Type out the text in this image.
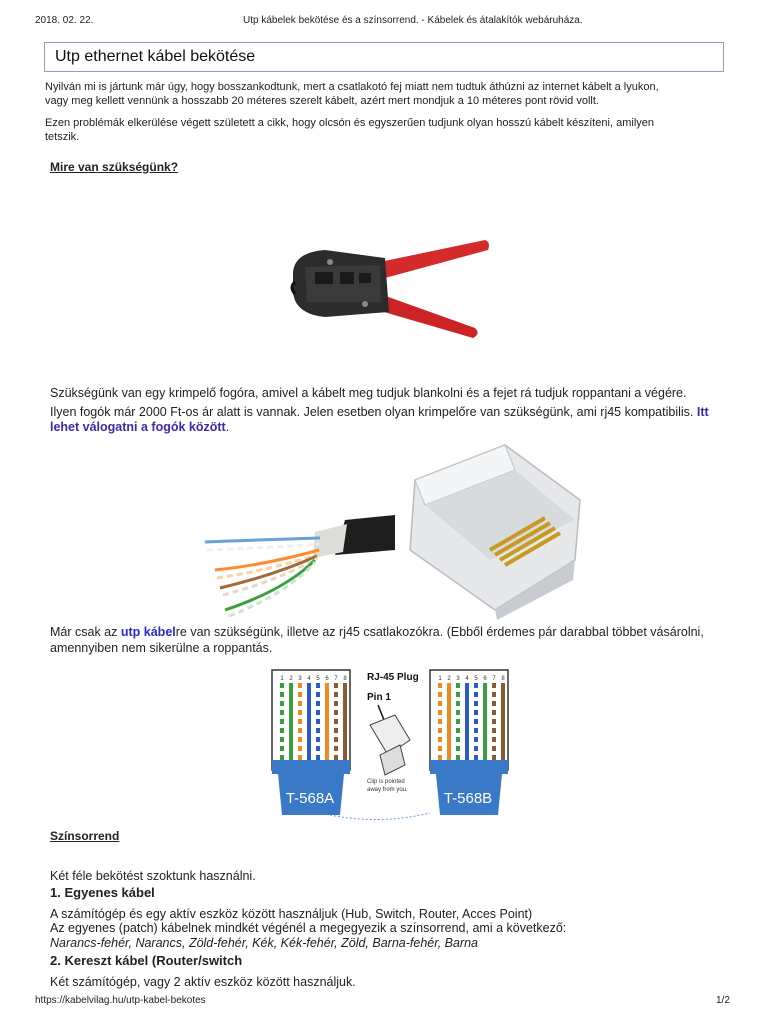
2018. 02. 22.	Utp kábelek bekötése és a színsorrend. - Kábelek és átalakítók webáruháza.
Utp ethernet kábel bekötése
Nyilván mi is jártunk már úgy, hogy bosszankodtunk, mert a csatlakotó fej miatt nem tudtuk áthúzni az internet kábelt a lyukon,
vagy meg kellett vennünk a hosszabb 20 méteres szerelt kábelt, azért mert mondjuk a 10 méteres pont rövid vollt.
Ezen problémák elkerülése végett született a cikk, hogy olcsón és egyszerűen tudjunk olyan hosszú kábelt készíteni, amilyen
tetszik.
Mire van szükségünk?
Szükségünk van egy krimpelő fogóra, amivel a kábelt meg tudjuk blankolni és a fejet rá tudjuk roppantani a végére.
Ilyen fogók már 2000 Ft-os ár alatt is vannak. Jelen esetben olyan krimpelőre van szükségünk, ami rj45 kompatibilis. Itt
lehet válogatni a fogók között.
Már csak az utp kábelre van szükségünk, illetve az rj45 csatlakozókra. (Ebből érdemes pár darabbal többet vásárolni,
amennyiben nem sikerülne a roppantás.
T-568A
RJ-45 Plug
Pin 1
Clip is pointed
away from you.
1 2 3 4 5 6 7 8
T-568B
1 2 3 4 5 6 7 8
Színsorrend
Két féle bekötést szoktunk használni.
1. Egyenes kábel
A számítógép és egy aktív eszköz között használjuk (Hub, Switch, Router, Acces Point)
Az egyenes (patch) kábelnek mindkét végénél a megegyezik a színsorrend, ami a következő:
Narancs-fehér, Narancs, Zöld-fehér, Kék, Kék-fehér, Zöld, Barna-fehér, Barna
2. Kereszt kábel (Router/switch
Két számítógép, vagy 2 aktív eszköz között használjuk.
https://kabelvilag.hu/utp-kabel-bekotes	1/2
